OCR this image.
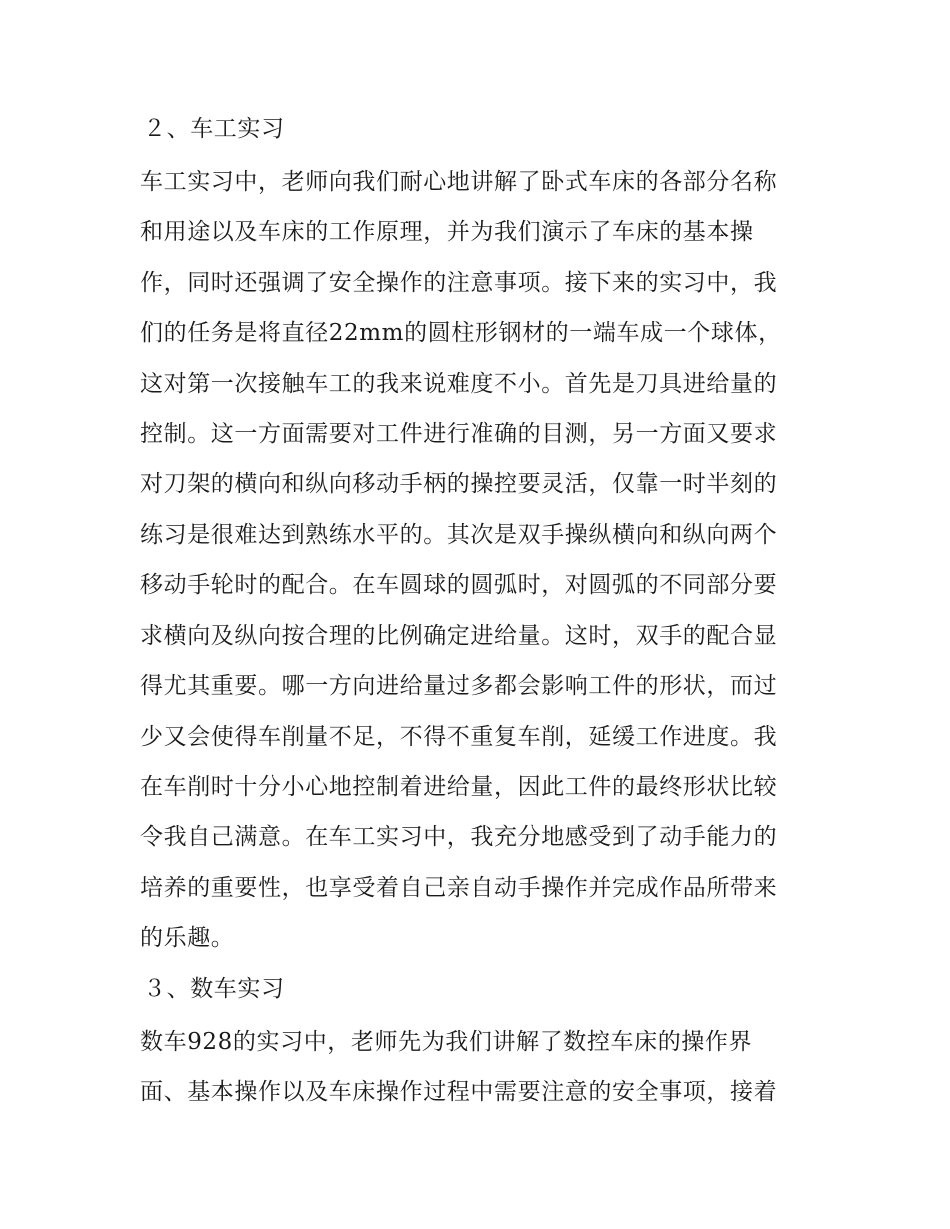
２、车工实习
车工实习中，老师向我们耐心地讲解了卧式车床的各部分名称
和用途以及车床的工作原理，并为我们演示了车床的基本操
作，同时还强调了安全操作的注意事项。接下来的实习中，我
们的任务是将直径22mm的圆柱形钢材的一端车成一个球体，
这对第一次接触车工的我来说难度不小。首先是刀具进给量的
控制。这一方面需要对工件进行准确的目测，另一方面又要求
对刀架的横向和纵向移动手柄的操控要灵活，仅靠一时半刻的
练习是很难达到熟练水平的。其次是双手操纵横向和纵向两个
移动手轮时的配合。在车圆球的圆弧时，对圆弧的不同部分要
求横向及纵向按合理的比例确定进给量。这时，双手的配合显
得尤其重要。哪一方向进给量过多都会影响工件的形状，而过
少又会使得车削量不足，不得不重复车削，延缓工作进度。我
在车削时十分小心地控制着进给量，因此工件的最终形状比较
令我自己满意。在车工实习中，我充分地感受到了动手能力的
培养的重要性，也享受着自己亲自动手操作并完成作品所带来
的乐趣。
３、数车实习
数车928的实习中，老师先为我们讲解了数控车床的操作界
面、基本操作以及车床操作过程中需要注意的安全事项，接着
